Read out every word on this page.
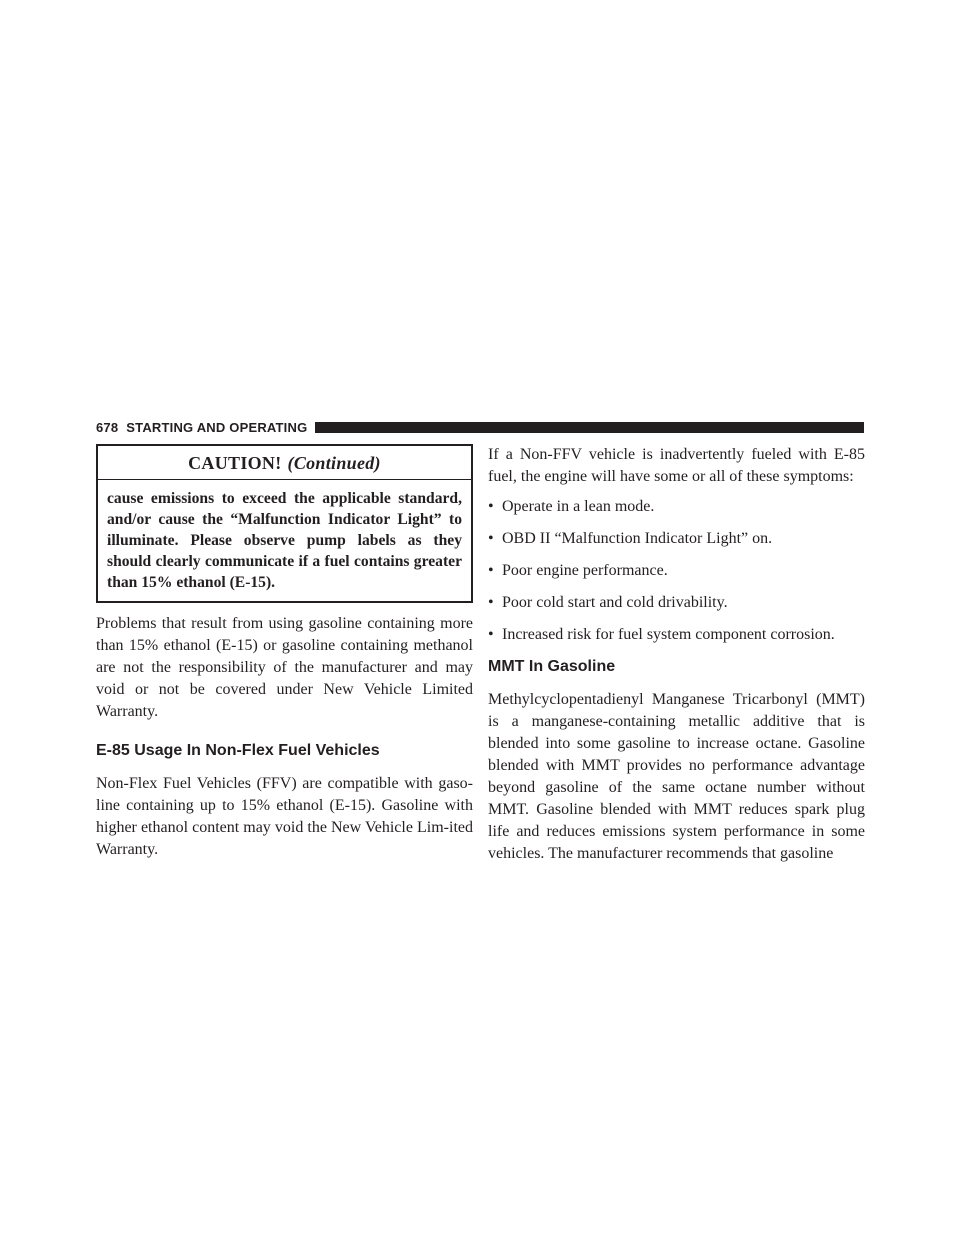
678 STARTING AND OPERATING
CAUTION! (Continued)
cause emissions to exceed the applicable standard, and/or cause the “Malfunction Indicator Light” to illuminate. Please observe pump labels as they should clearly communicate if a fuel contains greater than 15% ethanol (E-15).

Problems that result from using gasoline containing more than 15% ethanol (E-15) or gasoline containing methanol are not the responsibility of the manufacturer and may void or not be covered under New Vehicle Limited Warranty.

E-85 Usage In Non-Flex Fuel Vehicles

Non-Flex Fuel Vehicles (FFV) are compatible with gaso-line containing up to 15% ethanol (E-15). Gasoline with higher ethanol content may void the New Vehicle Lim-ited Warranty.

If a Non-FFV vehicle is inadvertently fueled with E-85 fuel, the engine will have some or all of these symptoms:

• Operate in a lean mode.
• OBD II “Malfunction Indicator Light” on.
• Poor engine performance.
• Poor cold start and cold drivability.
• Increased risk for fuel system component corrosion.
MMT In Gasoline

Methylcyclopentadienyl Manganese Tricarbonyl (MMT) is a manganese-containing metallic additive that is blended into some gasoline to increase octane. Gasoline blended with MMT provides no performance advantage beyond gasoline of the same octane number without MMT. Gasoline blended with MMT reduces spark plug life and reduces emissions system performance in some vehicles. The manufacturer recommends that gasoline
